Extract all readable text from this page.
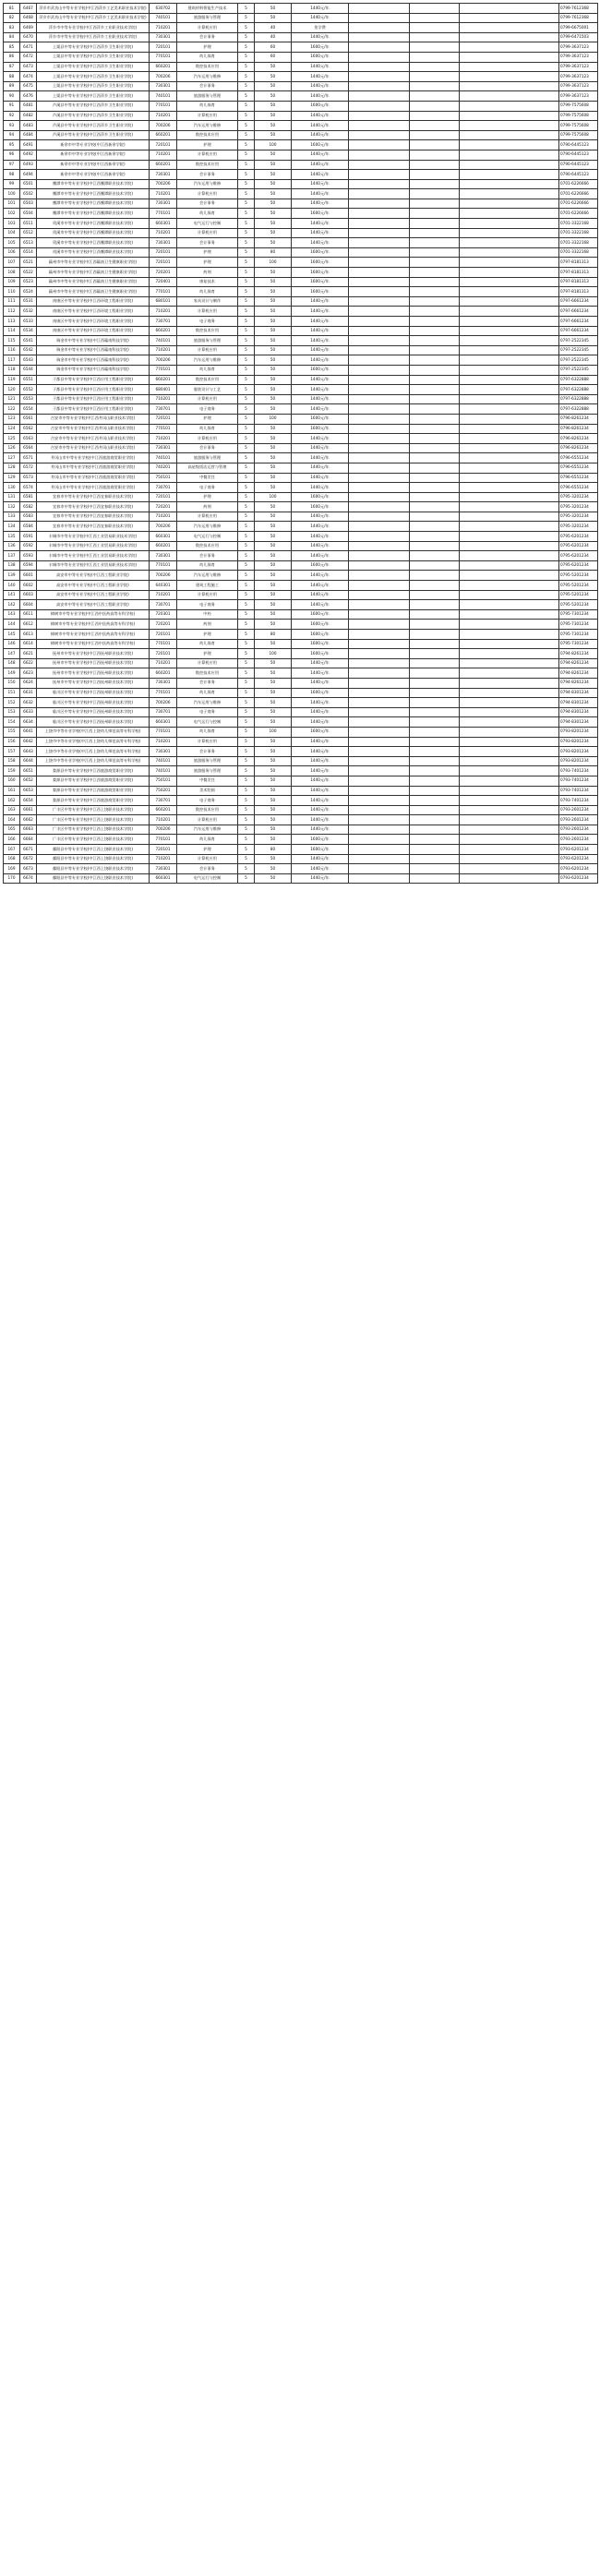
81	6467	萍乡市武功山中等专业学校(中江西萍乡工艺美术职业技术学院)	630702	建筑材料智能生产技术	5	50	1440元/年				0799-7612368
82	6468	萍乡市武功山中等专业学校(中江西萍乡工艺美术职业技术学院)	740101	旅游服务与管理	5	50	1440元/年				0799-7612368
83	6469	萍乡市中等专业学校(中江西萍乡工业职业技术学院)	710201	计算机应用	5	40	免学费				0799-6675001
84	6470	萍乡市中等专业学校(中江西萍乡工业职业技术学院)	730301	会计事务	5	40	1440元/年				0799-6471503
85	6471	上栗县中等专业学校(中江西萍乡卫生职业学院)	720101	护理	5	60	1600元/年				0799-3637123
86	6472	上栗县中等专业学校(中江西萍乡卫生职业学院)	770101	幼儿保育	5	60	1600元/年				0799-3637123
87	6473	上栗县中等专业学校(中江西萍乡卫生职业学院)	660201	数控技术应用	5	50	1440元/年				0799-3637123
88	6474	上栗县中等专业学校(中江西萍乡卫生职业学院)	700206	汽车运用与维修	5	50	1440元/年				0799-3637123
89	6475	上栗县中等专业学校(中江西萍乡卫生职业学院)	730301	会计事务	5	50	1440元/年				0799-3637123
90	6476	上栗县中等专业学校(中江西萍乡卫生职业学院)	740101	旅游服务与管理	5	50	1440元/年				0799-3637123
91	6481	芦溪县中等专业学校(中江西萍乡卫生职业学院)	770101	幼儿保育	5	50	1600元/年				0799-7575608
92	6482	芦溪县中等专业学校(中江西萍乡卫生职业学院)	710201	计算机应用	5	50	1440元/年				0799-7575608
93	6483	芦溪县中等专业学校(中江西萍乡卫生职业学院)	700206	汽车运用与维修	5	50	1440元/年				0799-7575608
94	6484	芦溪县中等专业学校(中江西萍乡卫生职业学院)	660201	数控技术应用	5	50	1440元/年				0799-7575608
95	6491	新余市中等专业学校(中江西新余学院)	720101	护理	5	100	1600元/年				0790-6445123
96	6492	新余市中等专业学校(中江西新余学院)	710201	计算机应用	5	50	1440元/年				0790-6445123
97	6493	新余市中等专业学校(中江西新余学院)	660201	数控技术应用	5	50	1440元/年				0790-6445123
98	6494	新余市中等专业学校(中江西新余学院)	730301	会计事务	5	50	1440元/年				0790-6445123
99	6501	鹰潭市中等专业学校(中江西鹰潭职业技术学院)	700206	汽车运用与维修	5	50	1440元/年				0701-6226666
100	6502	鹰潭市中等专业学校(中江西鹰潭职业技术学院)	710201	计算机应用	5	50	1440元/年				0701-6226666
101	6503	鹰潭市中等专业学校(中江西鹰潭职业技术学院)	730301	会计事务	5	50	1440元/年				0701-6226666
102	6504	鹰潭市中等专业学校(中江西鹰潭职业技术学院)	770101	幼儿保育	5	50	1600元/年				0701-6226666
103	6511	贵溪市中等专业学校(中江西鹰潭职业技术学院)	660301	电气运行与控制	5	50	1440元/年				0701-3322168
104	6512	贵溪市中等专业学校(中江西鹰潭职业技术学院)	710201	计算机应用	5	50	1440元/年				0701-3322168
105	6513	贵溪市中等专业学校(中江西鹰潭职业技术学院)	730301	会计事务	5	50	1440元/年				0701-3322168
106	6514	贵溪市中等专业学校(中江西鹰潭职业技术学院)	720101	护理	5	80	1600元/年				0701-3322168
107	6521	赣州市中等专业学校(中江西赣南卫生健康职业学院)	720101	护理	5	100	1600元/年				0797-8181313
108	6522	赣州市中等专业学校(中江西赣南卫生健康职业学院)	720201	药剂	5	50	1600元/年				0797-8181313
109	6523	赣州市中等专业学校(中江西赣南卫生健康职业学院)	720401	康复技术	5	50	1600元/年				0797-8181313
110	6524	赣州市中等专业学校(中江西赣南卫生健康职业学院)	770101	幼儿保育	5	50	1600元/年				0797-8181313
111	6531	南康区中等专业学校(中江西环境工程职业学院)	680101	家具设计与制作	5	50	1440元/年				0797-6661234
112	6532	南康区中等专业学校(中江西环境工程职业学院)	710201	计算机应用	5	50	1440元/年				0797-6661234
113	6533	南康区中等专业学校(中江西环境工程职业学院)	730701	电子商务	5	50	1440元/年				0797-6661234
114	6534	南康区中等专业学校(中江西环境工程职业学院)	660201	数控技术应用	5	50	1440元/年				0797-6661234
115	6541	瑞金市中等专业学校(中江西赣南科技学院)	740101	旅游服务与管理	5	50	1440元/年				0797-2522345
116	6542	瑞金市中等专业学校(中江西赣南科技学院)	710201	计算机应用	5	50	1440元/年				0797-2522345
117	6543	瑞金市中等专业学校(中江西赣南科技学院)	700206	汽车运用与维修	5	50	1440元/年				0797-2522345
118	6544	瑞金市中等专业学校(中江西赣南科技学院)	770101	幼儿保育	5	50	1600元/年				0797-2522345
119	6551	于都县中等专业学校(中江西应用工程职业学院)	660201	数控技术应用	5	50	1440元/年				0797-6322888
120	6552	于都县中等专业学校(中江西应用工程职业学院)	680401	服装设计与工艺	5	50	1440元/年				0797-6322888
121	6553	于都县中等专业学校(中江西应用工程职业学院)	710201	计算机应用	5	50	1440元/年				0797-6322888
122	6554	于都县中等专业学校(中江西应用工程职业学院)	730701	电子商务	5	50	1440元/年				0797-6322888
123	6561	吉安市中等专业学校(中江西井冈山职业技术学院)	720101	护理	5	100	1600元/年				0796-8261234
124	6562	吉安市中等专业学校(中江西井冈山职业技术学院)	770101	幼儿保育	5	50	1600元/年				0796-8261234
125	6563	吉安市中等专业学校(中江西井冈山职业技术学院)	710201	计算机应用	5	50	1440元/年				0796-8261234
126	6564	吉安市中等专业学校(中江西井冈山职业技术学院)	730301	会计事务	5	50	1440元/年				0796-8261234
127	6571	井冈山市中等专业学校(中江西旅游商贸职业学院)	740101	旅游服务与管理	5	50	1440元/年				0796-6551234
128	6572	井冈山市中等专业学校(中江西旅游商贸职业学院)	740201	高星级饭店运营与管理	5	50	1440元/年				0796-6551234
129	6573	井冈山市中等专业学校(中江西旅游商贸职业学院)	750101	中餐烹饪	5	50	1440元/年				0796-6551234
130	6574	井冈山市中等专业学校(中江西旅游商贸职业学院)	730701	电子商务	5	50	1440元/年				0796-6551234
131	6581	宜春市中等专业学校(中江西宜春职业技术学院)	720101	护理	5	100	1600元/年				0795-3201234
132	6582	宜春市中等专业学校(中江西宜春职业技术学院)	720201	药剂	5	50	1600元/年				0795-3201234
133	6583	宜春市中等专业学校(中江西宜春职业技术学院)	710201	计算机应用	5	50	1440元/年				0795-3201234
134	6584	宜春市中等专业学校(中江西宜春职业技术学院)	700206	汽车运用与维修	5	50	1440元/年				0795-3201234
135	6591	丰城市中等专业学校(中江西工业贸易职业技术学院)	660301	电气运行与控制	5	50	1440元/年				0795-6201234
136	6592	丰城市中等专业学校(中江西工业贸易职业技术学院)	660201	数控技术应用	5	50	1440元/年				0795-6201234
137	6593	丰城市中等专业学校(中江西工业贸易职业技术学院)	730301	会计事务	5	50	1440元/年				0795-6201234
138	6594	丰城市中等专业学校(中江西工业贸易职业技术学院)	770101	幼儿保育	5	50	1600元/年				0795-6201234
139	6601	高安市中等专业学校(中江西工程职业学院)	700206	汽车运用与维修	5	50	1440元/年				0795-5201234
140	6602	高安市中等专业学校(中江西工程职业学院)	640301	建筑工程施工	5	50	1440元/年				0795-5201234
141	6603	高安市中等专业学校(中江西工程职业学院)	710201	计算机应用	5	50	1440元/年				0795-5201234
142	6604	高安市中等专业学校(中江西工程职业学院)	730701	电子商务	5	50	1440元/年				0795-5201234
143	6611	樟树市中等专业学校(中江西中医药高等专科学校)	720301	中药	5	50	1600元/年				0795-7301234
144	6612	樟树市中等专业学校(中江西中医药高等专科学校)	720201	药剂	5	50	1600元/年				0795-7301234
145	6613	樟树市中等专业学校(中江西中医药高等专科学校)	720101	护理	5	80	1600元/年				0795-7301234
146	6614	樟树市中等专业学校(中江西中医药高等专科学校)	770101	幼儿保育	5	50	1600元/年				0795-7301234
147	6621	抚州市中等专业学校(中江西抚州职业技术学院)	720101	护理	5	100	1600元/年				0794-8261234
148	6622	抚州市中等专业学校(中江西抚州职业技术学院)	710201	计算机应用	5	50	1440元/年				0794-8261234
149	6623	抚州市中等专业学校(中江西抚州职业技术学院)	660201	数控技术应用	5	50	1440元/年				0794-8261234
150	6624	抚州市中等专业学校(中江西抚州职业技术学院)	730301	会计事务	5	50	1440元/年				0794-8261234
151	6631	临川区中等专业学校(中江西抚州职业技术学院)	770101	幼儿保育	5	50	1600元/年				0794-8301234
152	6632	临川区中等专业学校(中江西抚州职业技术学院)	700206	汽车运用与维修	5	50	1440元/年				0794-8301234
153	6633	临川区中等专业学校(中江西抚州职业技术学院)	730701	电子商务	5	50	1440元/年				0794-8301234
154	6634	临川区中等专业学校(中江西抚州职业技术学院)	660301	电气运行与控制	5	50	1440元/年				0794-8301234
155	6641	上饶市中等专业学校(中江西上饶幼儿师范高等专科学校)	770101	幼儿保育	5	100	1600元/年				0793-8201234
156	6642	上饶市中等专业学校(中江西上饶幼儿师范高等专科学校)	710201	计算机应用	5	50	1440元/年				0793-8201234
157	6643	上饶市中等专业学校(中江西上饶幼儿师范高等专科学校)	730301	会计事务	5	50	1440元/年				0793-8201234
158	6644	上饶市中等专业学校(中江西上饶幼儿师范高等专科学校)	740101	旅游服务与管理	5	50	1440元/年				0793-8201234
159	6651	婺源县中等专业学校(中江西旅游商贸职业学院)	740101	旅游服务与管理	5	50	1440元/年				0793-7401234
160	6652	婺源县中等专业学校(中江西旅游商贸职业学院)	750101	中餐烹饪	5	50	1440元/年				0793-7401234
161	6653	婺源县中等专业学校(中江西旅游商贸职业学院)	750201	美术绘画	5	50	1440元/年				0793-7401234
162	6654	婺源县中等专业学校(中江西旅游商贸职业学院)	730701	电子商务	5	50	1440元/年				0793-7401234
163	6661	广丰区中等专业学校(中江西上饶职业技术学院)	660201	数控技术应用	5	50	1440元/年				0793-2601234
164	6662	广丰区中等专业学校(中江西上饶职业技术学院)	710201	计算机应用	5	50	1440元/年				0793-2601234
165	6663	广丰区中等专业学校(中江西上饶职业技术学院)	700206	汽车运用与维修	5	50	1440元/年				0793-2601234
166	6664	广丰区中等专业学校(中江西上饶职业技术学院)	770101	幼儿保育	5	50	1600元/年				0793-2601234
167	6671	鄱阳县中等专业学校(中江西上饶职业技术学院)	720101	护理	5	80	1600元/年				0793-6201234
168	6672	鄱阳县中等专业学校(中江西上饶职业技术学院)	710201	计算机应用	5	50	1440元/年				0793-6201234
169	6673	鄱阳县中等专业学校(中江西上饶职业技术学院)	730301	会计事务	5	50	1440元/年				0793-6201234
170	6674	鄱阳县中等专业学校(中江西上饶职业技术学院)	660301	电气运行与控制	5	50	1440元/年				0793-6201234
